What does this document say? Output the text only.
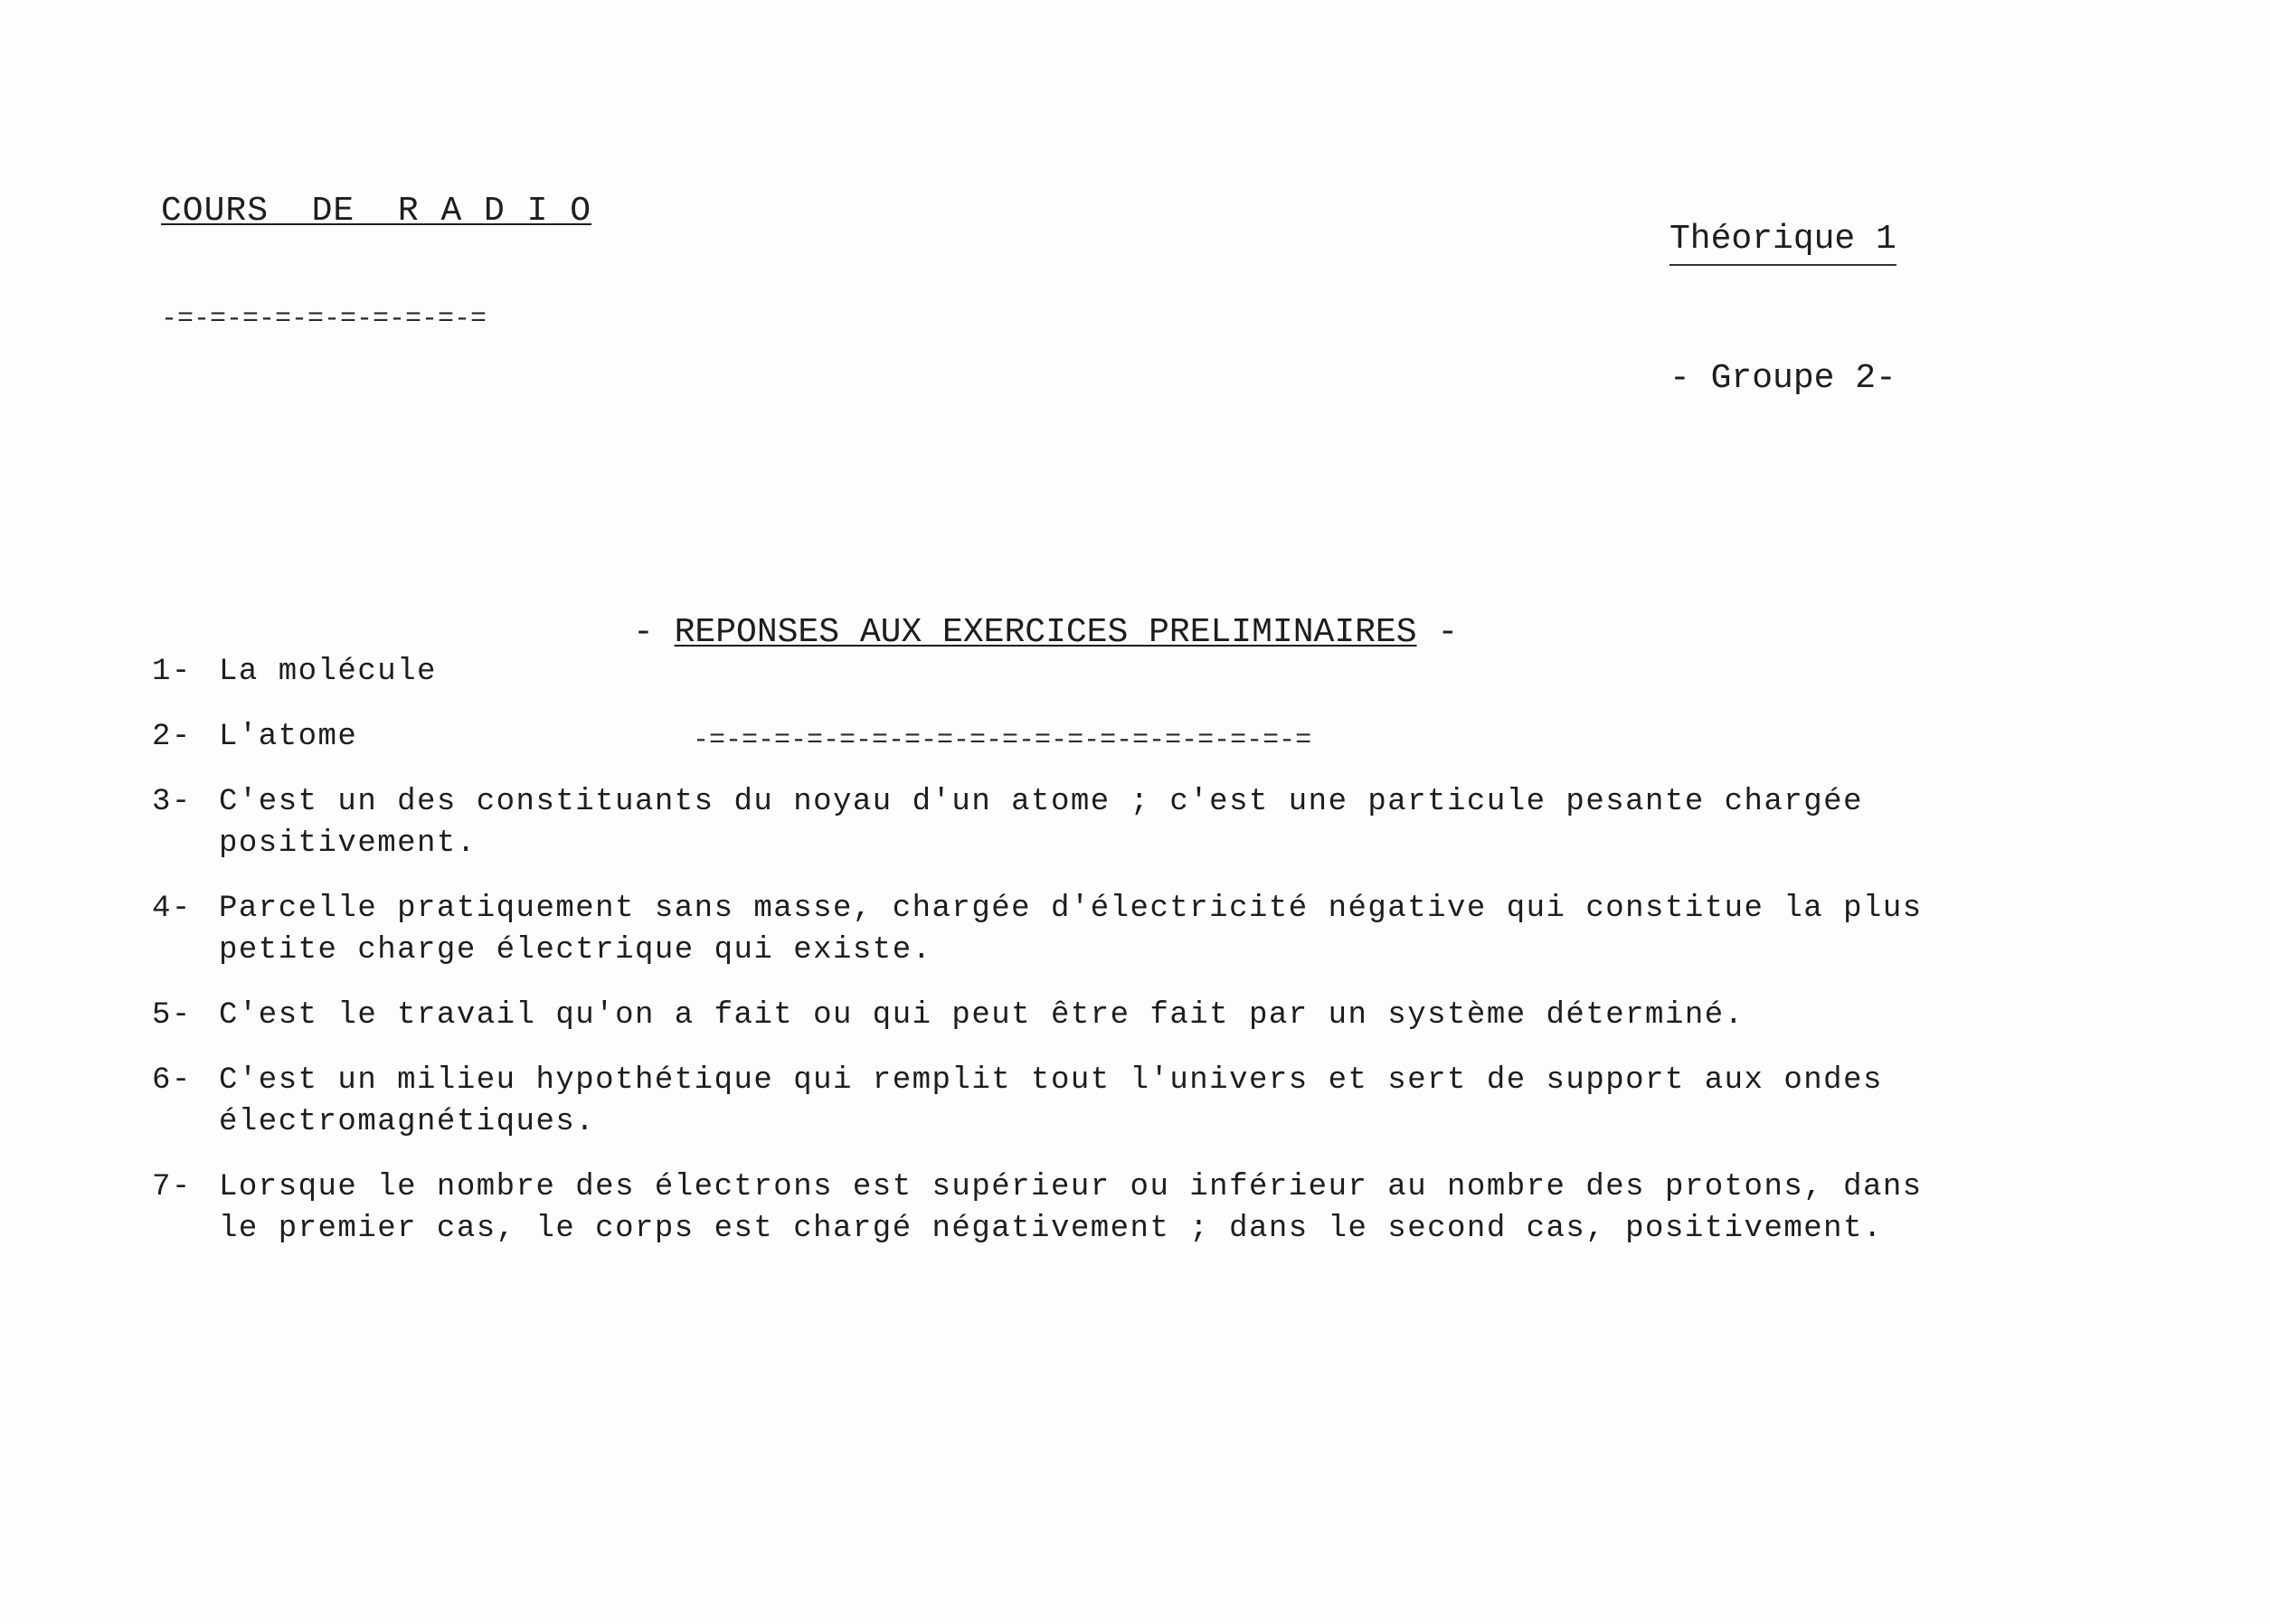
COURS  DE  R A D I O

-=-=-=-=-=-=-=-=-=-=

Théorique 1

- Groupe 2-

- REPONSES AUX EXERCICES PRELIMINAIRES -

-=-=-=-=-=-=-=-=-=-=-=-=-=-=-=-=-=-=-=

1- La molécule
2- L'atome
3- C'est un des constituants du noyau d'un atome ; c'est une particule pesante chargée positivement.
4- Parcelle pratiquement sans masse, chargée d'électricité négative qui constitue la plus petite charge électrique qui existe.
5- C'est le travail qu'on a fait ou qui peut être fait par un système déterminé.
6- C'est un milieu hypothétique qui remplit tout l'univers et sert de support aux ondes électromagnétiques.
7- Lorsque le nombre des électrons est supérieur ou inférieur au nombre des protons, dans le premier cas, le corps est chargé négativement ; dans le second cas, positivement.
